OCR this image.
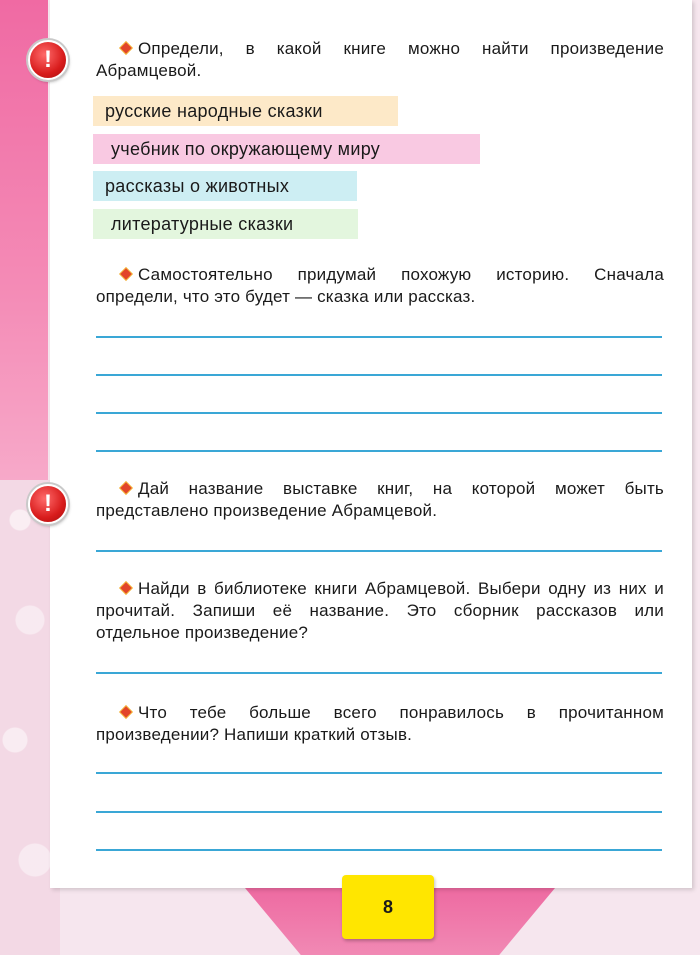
!
!
Определи, в какой книге можно найти произведение Абрамцевой.
русские народные сказки
учебник по окружающему миру
рассказы о животных
литературные сказки
Самостоятельно придумай похожую историю. Сначала определи, что это будет — сказка или рассказ.
Дай название выставке книг, на которой может быть представлено произведение Абрамцевой.
Найди в библиотеке книги Абрамцевой. Выбери одну из них и прочитай. Запиши её название. Это сборник рассказов или отдельное произведение?
Что тебе больше всего понравилось в прочитанном произведении? Напиши краткий отзыв.
8
